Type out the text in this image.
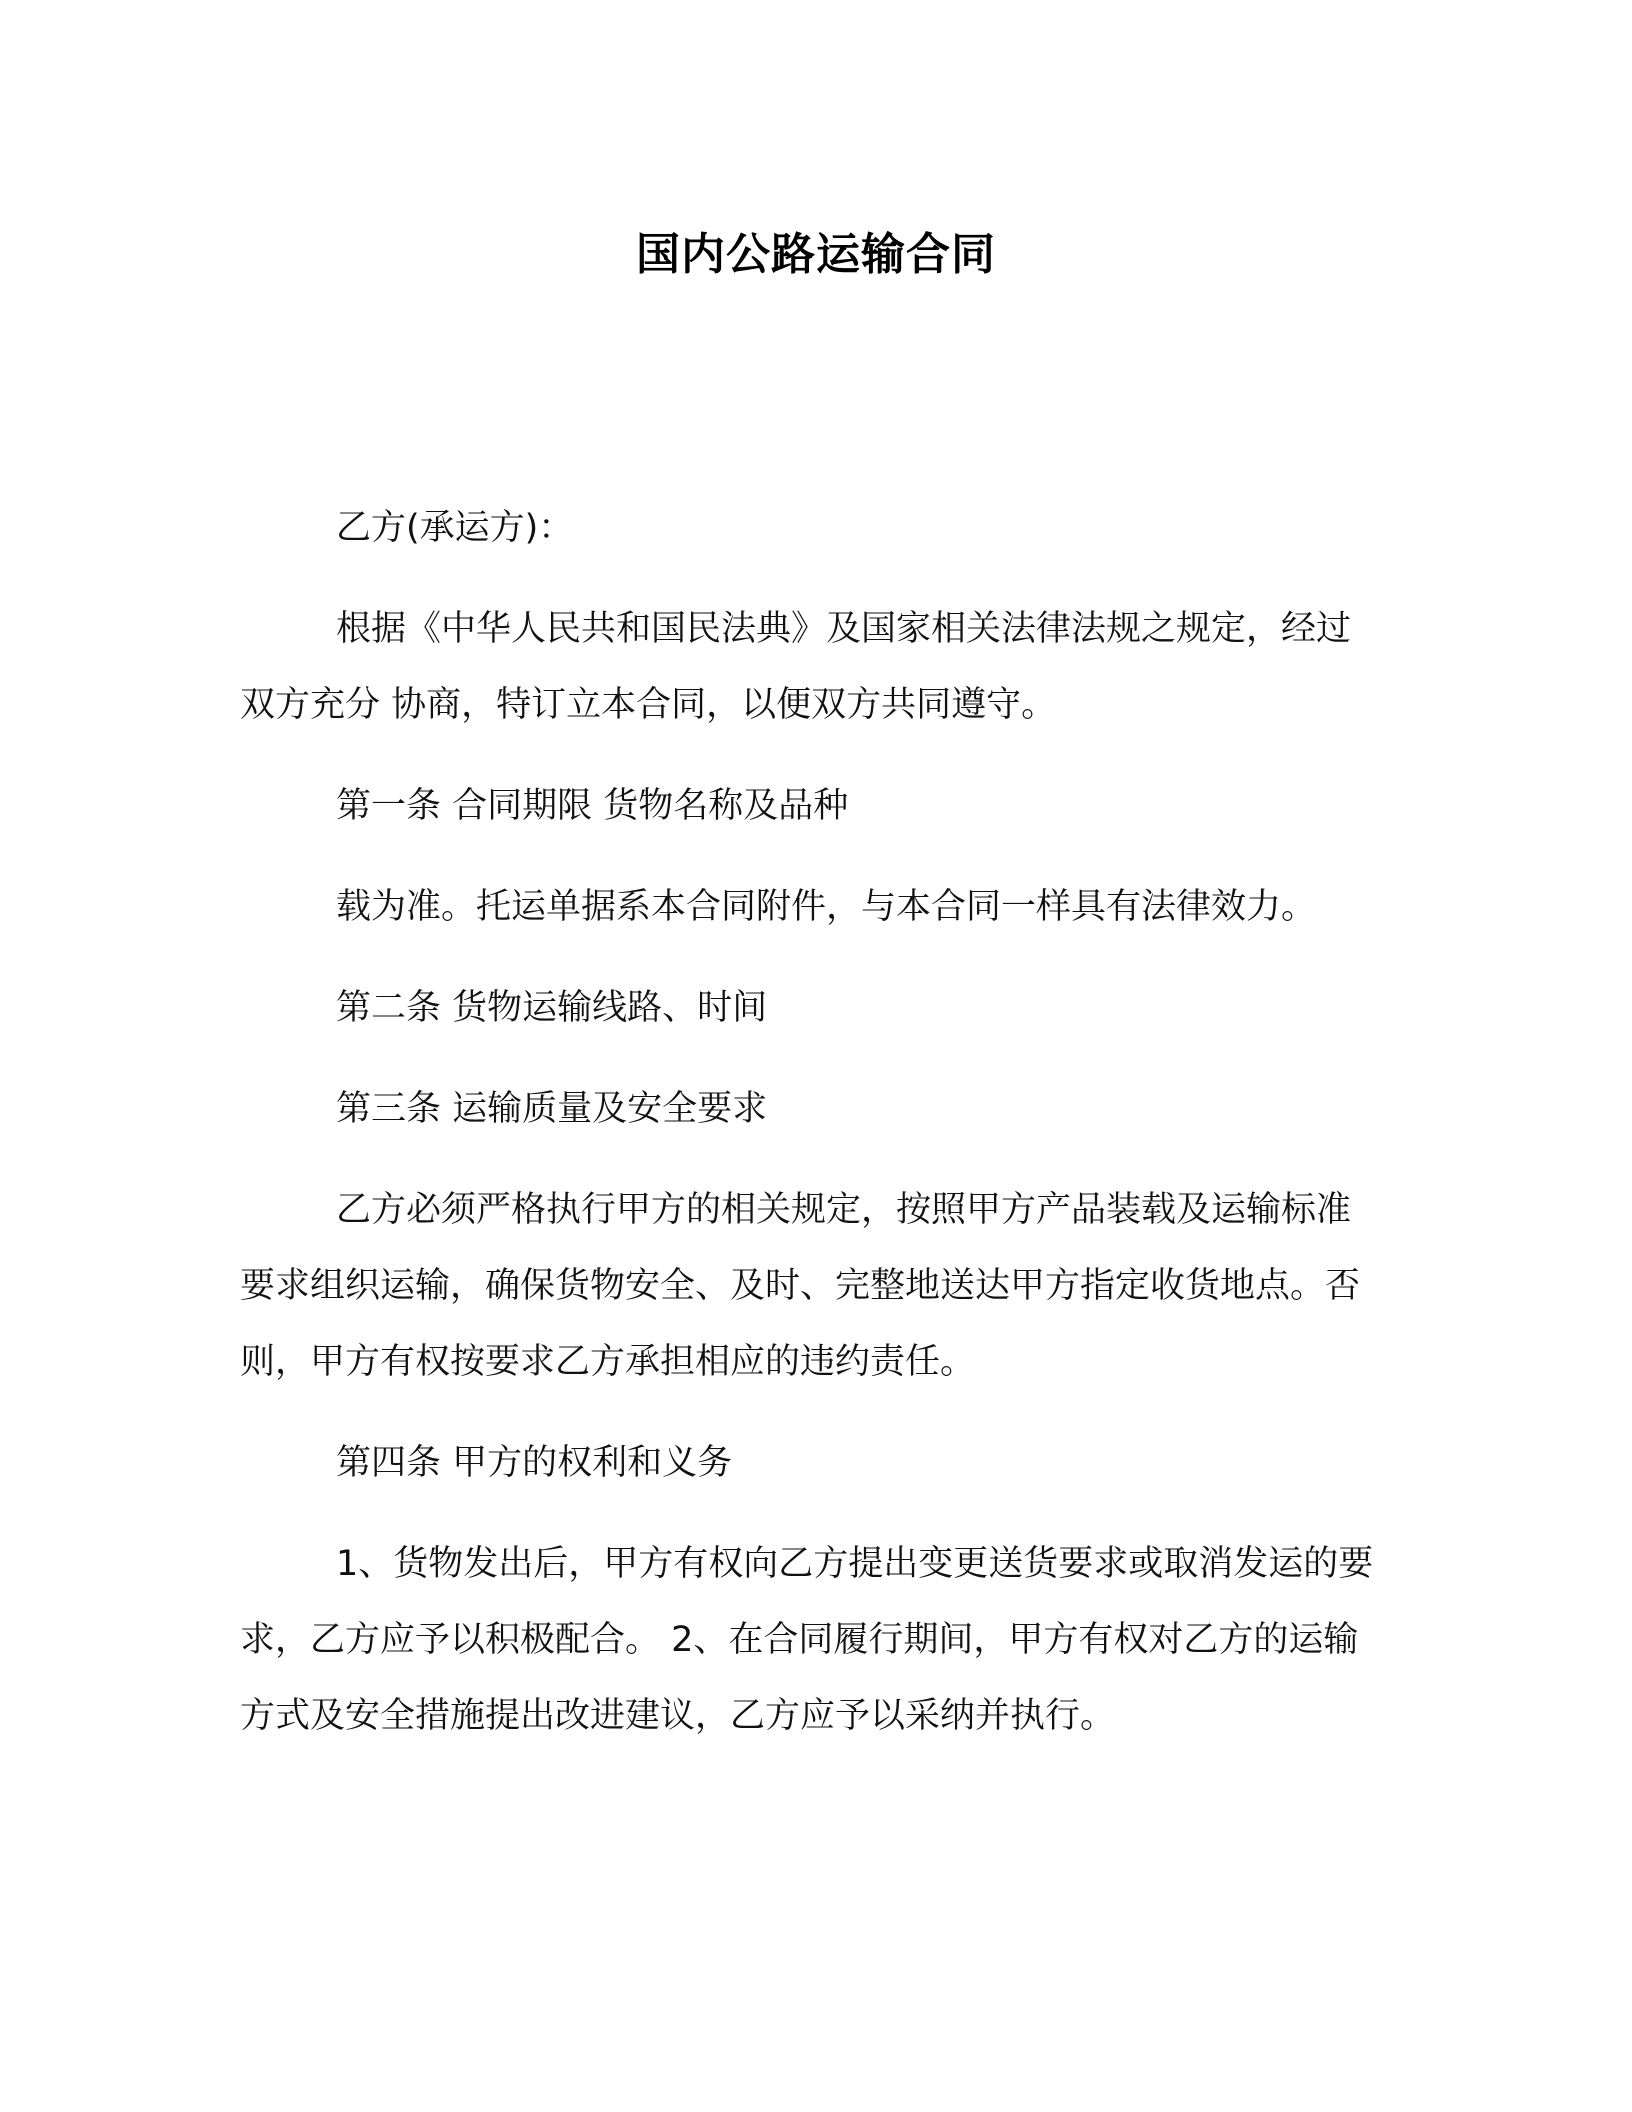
国内公路运输合同

乙方(承运方)：

根据《中华人民共和国民法典》及国家相关法律法规之规定，经过双方充分 协商，特订立本合同，以便双方共同遵守。

第一条 合同期限 货物名称及品种

载为准。托运单据系本合同附件，与本合同一样具有法律效力。

第二条 货物运输线路、时间

第三条 运输质量及安全要求

乙方必须严格执行甲方的相关规定，按照甲方产品装载及运输标准要求组织运输，确保货物安全、及时、完整地送达甲方指定收货地点。否则，甲方有权按要求乙方承担相应的违约责任。

第四条 甲方的权利和义务

1、货物发出后，甲方有权向乙方提出变更送货要求或取消发运的要求，乙方应予以积极配合。 2、在合同履行期间，甲方有权对乙方的运输方式及安全措施提出改进建议，乙方应予以采纳并执行。
